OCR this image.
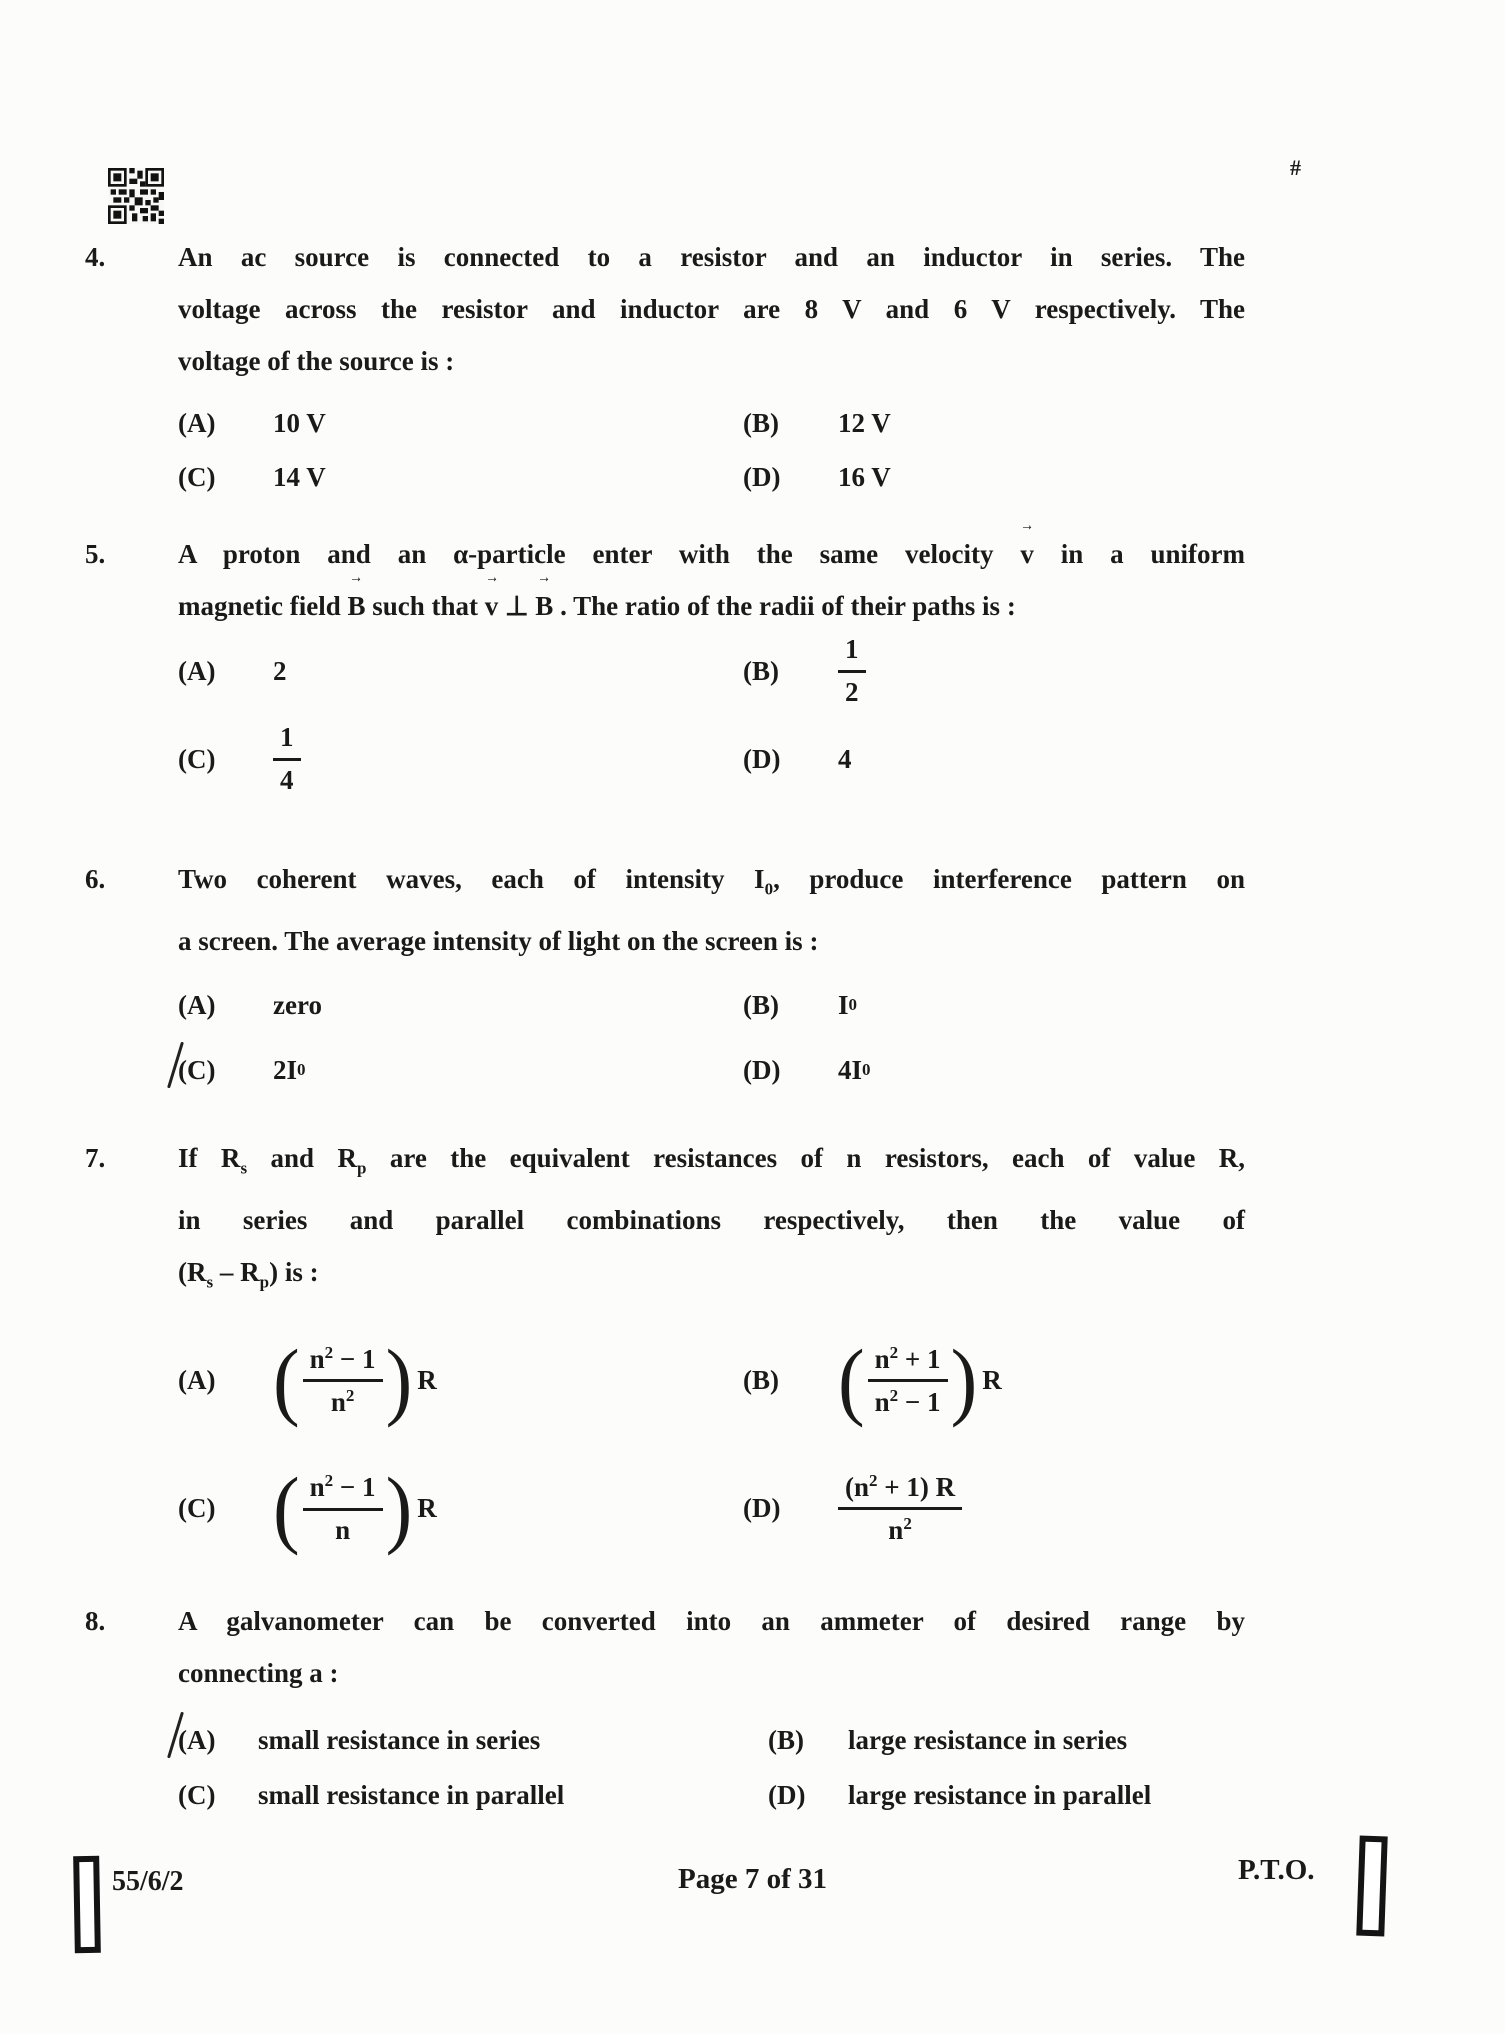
#
4.	An ac source is connected to a resistor and an inductor in series. The
voltage across the resistor and inductor are 8 V and 6 V respectively. The
voltage of the source is :
(A)	10 V	(B)	12 V
(C)	14 V	(D)	16 V
5.	A proton and an α-particle enter with the same velocity v → in a uniform
magnetic field B → such that v → ⊥ B → . The ratio of the radii of their paths is :
(A)	2	(B)	$\frac{1}{2}$
(C)	$\frac{1}{4}$	(D)	4
6.	Two coherent waves, each of intensity $I_0$, produce interference pattern on
a screen. The average intensity of light on the screen is :
(A)	zero	(B)	I 0
(C)	2I 0	(D)	4I 0
7.	If $R_s$ and $R_p$ are the equivalent resistances of n resistors, each of value R,
in series and parallel combinations respectively, then the value of
$(R_s - R_p)$ is :
(A) ( $\frac{n^2 - 1}{n^2}$ ) R	(B) ( $\frac{n^2 + 1}{n^2 - 1}$ ) R
(C) ( $\frac{n^2 - 1}{n}$ ) R	(D)	$\frac{(n^2 + 1) R}{n^2}$
8.	A galvanometer can be converted into an ammeter of desired range by
connecting a :
(A)	small resistance in series	(B)	large resistance in series
(C)	small resistance in parallel	(D)	large resistance in parallel
55/6/2	Page 7 of 31	P.T.O.
